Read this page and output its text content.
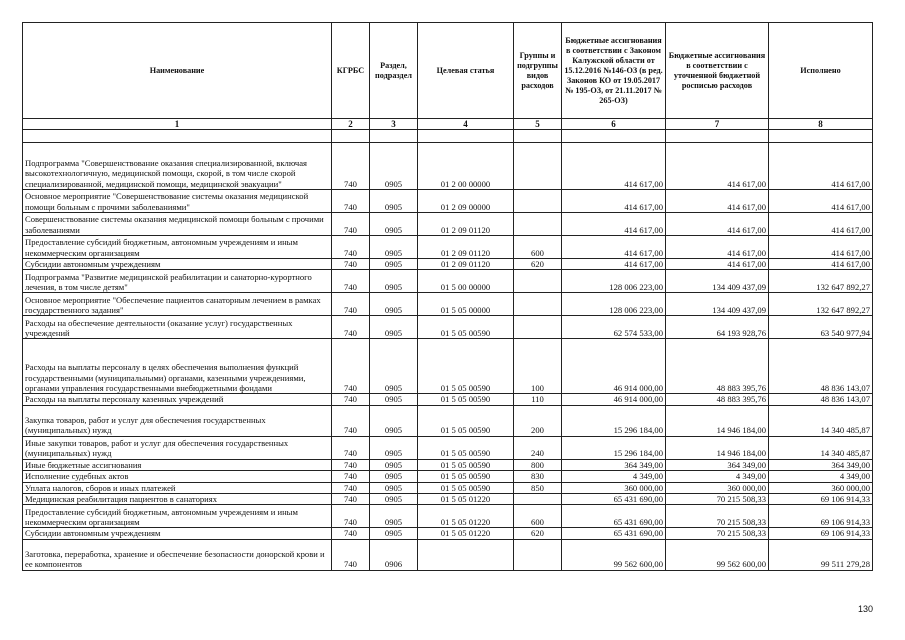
Наименование	КГРБС	Раздел, подраздел	Целевая статья	Группы и подгруппы видов расходов	Бюджетные ассигнования в соответствии с Законом Калужской области от 15.12.2016 №146-ОЗ (в ред. Законов КО от 19.05.2017 № 195-ОЗ, от 21.11.2017 № 265-ОЗ)	Бюджетные ассигнования в соответствии с уточненной бюджетной росписью расходов	Исполнено
1	2	3	4	5	6	7	8

Подпрограмма "Совершенствование оказания специализированной, включая высокотехнологичную, медицинской помощи, скорой, в том числе скорой специализированной, медицинской помощи, медицинской эвакуации"	740	0905	01 2 00 00000		414 617,00	414 617,00	414 617,00
Основное мероприятие "Совершенствование системы оказания медицинской помощи больным с прочими заболеваниями"	740	0905	01 2 09 00000		414 617,00	414 617,00	414 617,00
Совершенствование системы оказания медицинской помощи больным с прочими заболеваниями	740	0905	01 2 09 01120		414 617,00	414 617,00	414 617,00
Предоставление субсидий бюджетным, автономным учреждениям и иным некоммерческим организациям	740	0905	01 2 09 01120	600	414 617,00	414 617,00	414 617,00
Субсидии автономным учреждениям	740	0905	01 2 09 01120	620	414 617,00	414 617,00	414 617,00
Подпрограмма "Развитие медицинской реабилитации и санаторно-курортного лечения, в том числе детям"	740	0905	01 5 00 00000		128 006 223,00	134 409 437,09	132 647 892,27
Основное мероприятие "Обеспечение пациентов санаторным лечением в рамках государственного задания"	740	0905	01 5 05 00000		128 006 223,00	134 409 437,09	132 647 892,27
Расходы на обеспечение деятельности (оказание услуг) государственных учреждений	740	0905	01 5 05 00590		62 574 533,00	64 193 928,76	63 540 977,94
Расходы на выплаты персоналу в целях обеспечения выполнения функций государственными (муниципальными) органами, казенными учреждениями, органами управления государственными внебюджетными фондами	740	0905	01 5 05 00590	100	46 914 000,00	48 883 395,76	48 836 143,07
Расходы на выплаты персоналу казенных учреждений	740	0905	01 5 05 00590	110	46 914 000,00	48 883 395,76	48 836 143,07
Закупка товаров, работ и услуг для обеспечения государственных (муниципальных) нужд	740	0905	01 5 05 00590	200	15 296 184,00	14 946 184,00	14 340 485,87
Иные закупки товаров, работ и услуг для обеспечения государственных (муниципальных) нужд	740	0905	01 5 05 00590	240	15 296 184,00	14 946 184,00	14 340 485,87
Иные бюджетные ассигнования	740	0905	01 5 05 00590	800	364 349,00	364 349,00	364 349,00
Исполнение судебных актов	740	0905	01 5 05 00590	830	4 349,00	4 349,00	4 349,00
Уплата налогов, сборов и иных платежей	740	0905	01 5 05 00590	850	360 000,00	360 000,00	360 000,00
Медицинская реабилитация пациентов в санаториях	740	0905	01 5 05 01220		65 431 690,00	70 215 508,33	69 106 914,33
Предоставление субсидий бюджетным, автономным учреждениям и иным некоммерческим организациям	740	0905	01 5 05 01220	600	65 431 690,00	70 215 508,33	69 106 914,33
Субсидии автономным учреждениям	740	0905	01 5 05 01220	620	65 431 690,00	70 215 508,33	69 106 914,33
Заготовка, переработка, хранение и обеспечение безопасности донорской крови и ее компонентов	740	0906			99 562 600,00	99 562 600,00	99 511 279,28
130
